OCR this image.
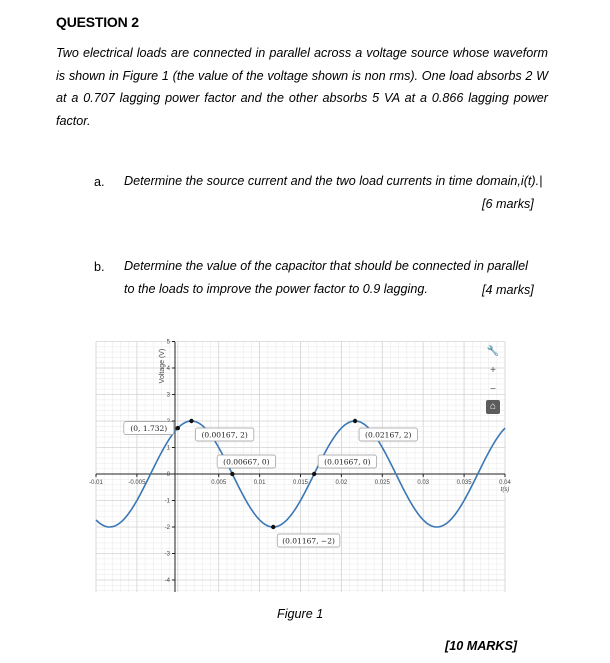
QUESTION 2
Two electrical loads are connected in parallel across a voltage source whose waveform is shown in Figure 1 (the value of the voltage shown is non rms). One load absorbs 2 W at a 0.707 lagging power factor and the other absorbs 5 VA at a 0.866 lagging power factor.
a. Determine the source current and the two load currents in time domain,i(t).|
[6 marks]
b. Determine the value of the capacitor that should be connected in parallel
to the loads to improve the power factor to 0.9 lagging.	[4 marks]
-0.01	-0.005	0.005	0.01	0.015	0.02	0.025	0.03	0.035	0.04
t(s)
5
4
3
1
0
-1
-2
-3
-4
Voltage (V)
(0, 1.732)
(0.00167, 2)
(0.00667, 0)
(0.01167, −2)
(0.01667, 0)
(0.02167, 2)
🔧
+
−
⌂
Figure 1
[10 MARKS]
